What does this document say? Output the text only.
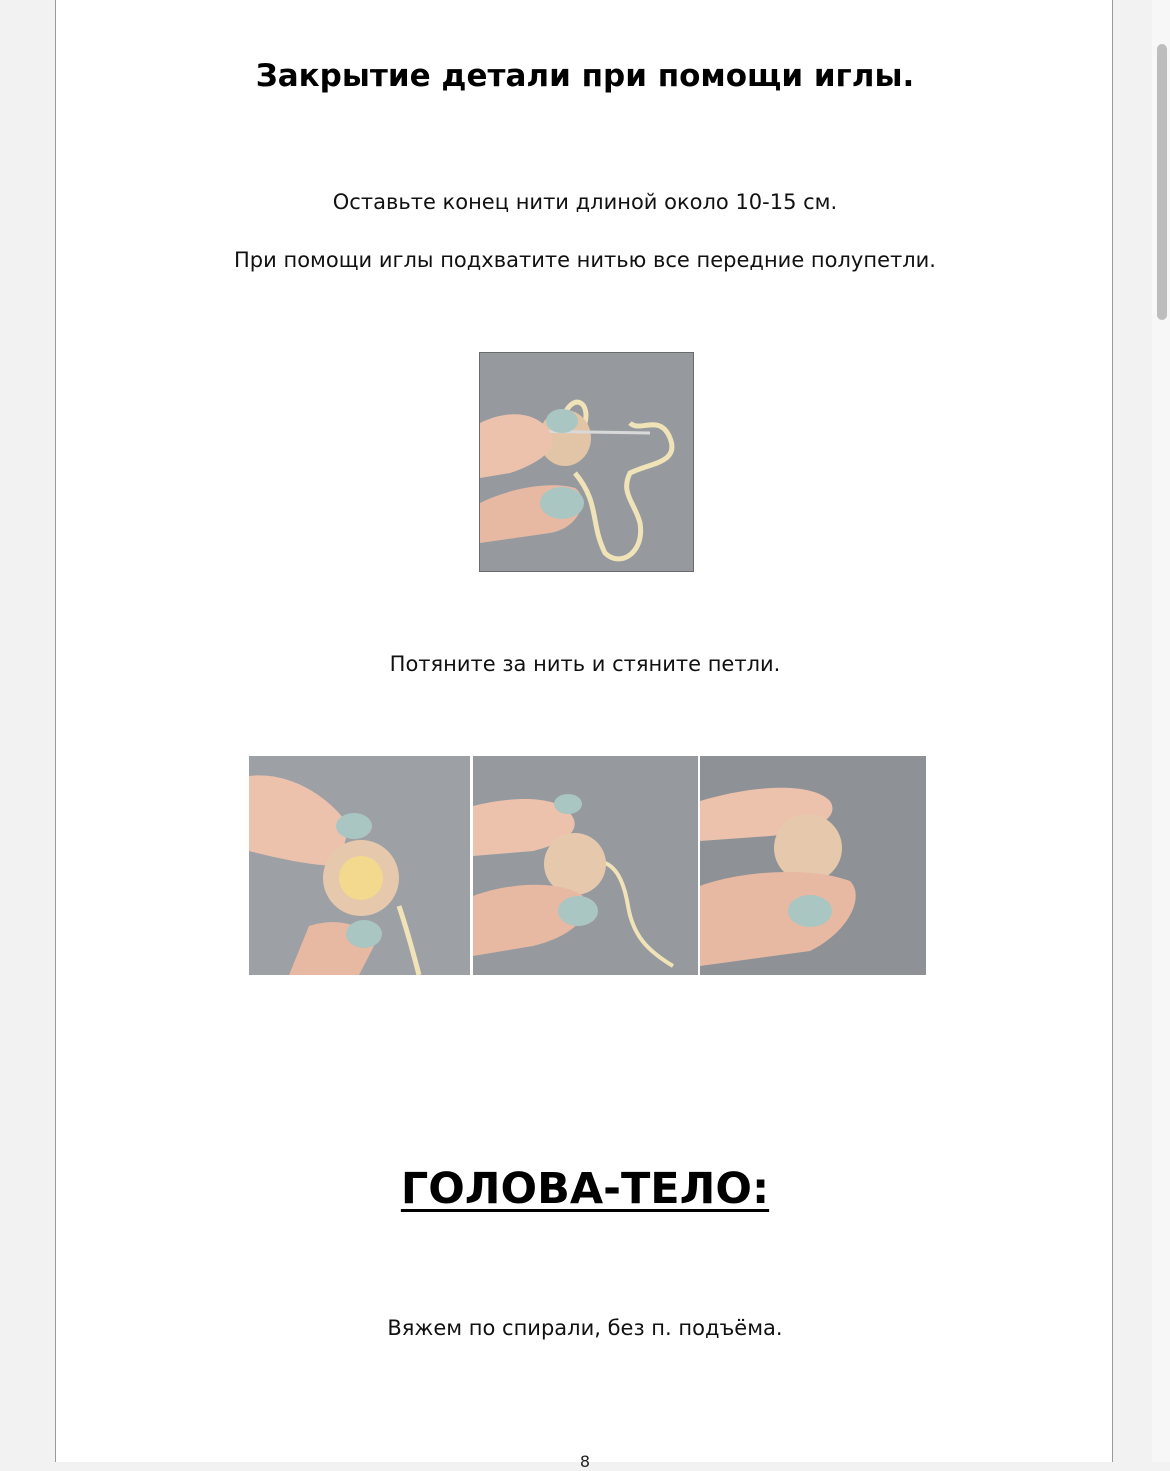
Закрытие детали при помощи иглы.

Оставьте конец нити длиной около 10-15 см.

При помощи иглы подхватите нитью все передние полупетли.

Потяните за нить и стяните петли.

ГОЛОВА-ТЕЛО:

Вяжем по спирали, без п. подъёма.

8
